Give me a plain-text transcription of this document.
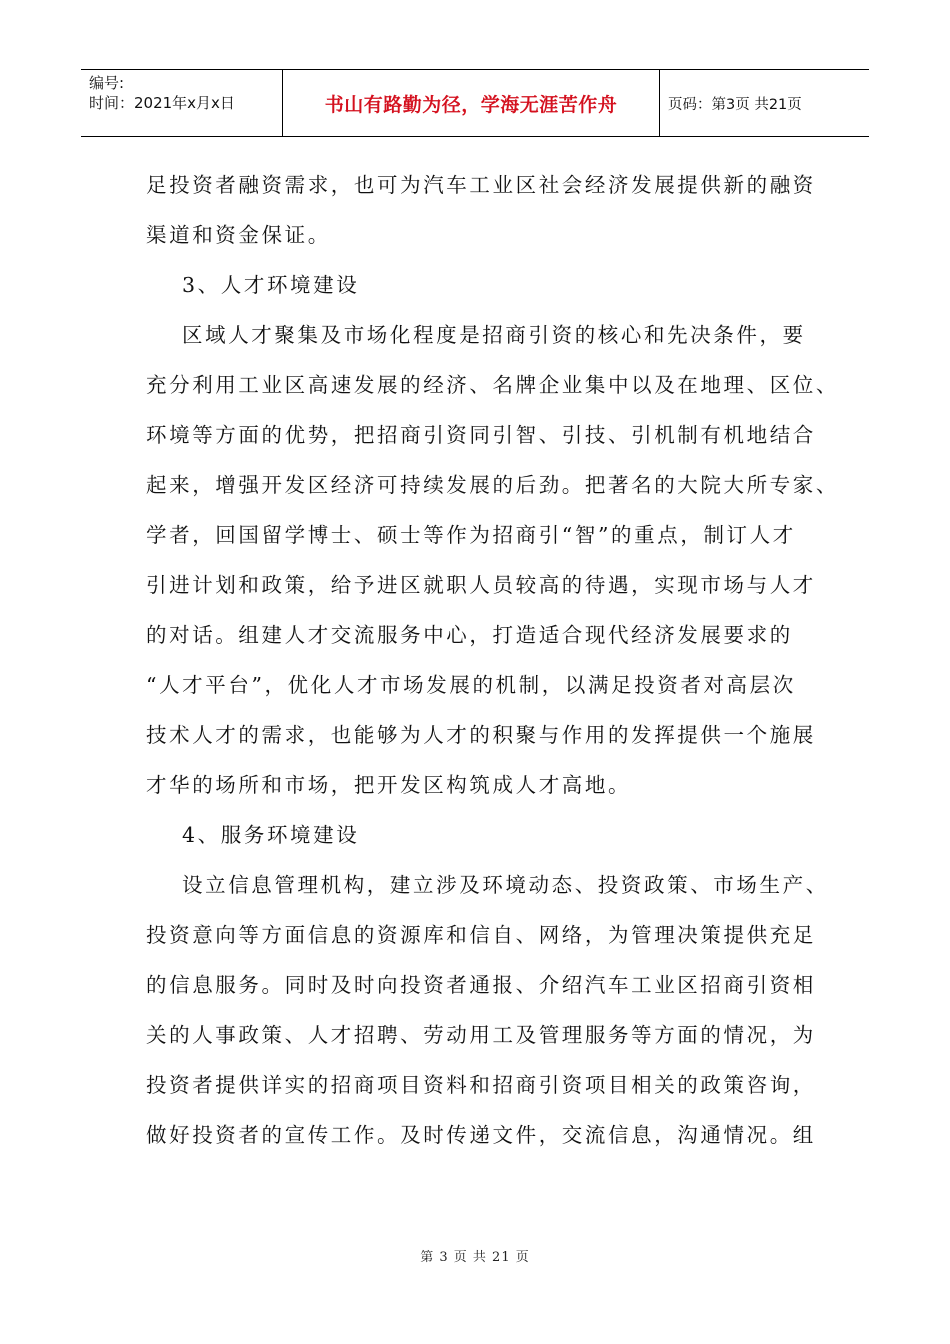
编号:
时间：2021年x月x日	书山有路勤为径，学海无涯苦作舟	页码：第3页 共21页
足投资者融资需求，也可为汽车工业区社会经济发展提供新的融资
渠道和资金保证。
3、人才环境建设
区域人才聚集及市场化程度是招商引资的核心和先决条件，要
充分利用工业区高速发展的经济、名牌企业集中以及在地理、区位、
环境等方面的优势，把招商引资同引智、引技、引机制有机地结合
起来，增强开发区经济可持续发展的后劲。把著名的大院大所专家、
学者，回国留学博士、硕士等作为招商引“智”的重点，制订人才
引进计划和政策，给予进区就职人员较高的待遇，实现市场与人才
的对话。组建人才交流服务中心，打造适合现代经济发展要求的
“人才平台”，优化人才市场发展的机制，以满足投资者对高层次
技术人才的需求，也能够为人才的积聚与作用的发挥提供一个施展
才华的场所和市场，把开发区构筑成人才高地。
4、服务环境建设
设立信息管理机构，建立涉及环境动态、投资政策、市场生产、
投资意向等方面信息的资源库和信自、网络，为管理决策提供充足
的信息服务。同时及时向投资者通报、介绍汽车工业区招商引资相
关的人事政策、人才招聘、劳动用工及管理服务等方面的情况，为
投资者提供详实的招商项目资料和招商引资项目相关的政策咨询，
做好投资者的宣传工作。及时传递文件，交流信息，沟通情况。组
第 3 页 共 21 页
